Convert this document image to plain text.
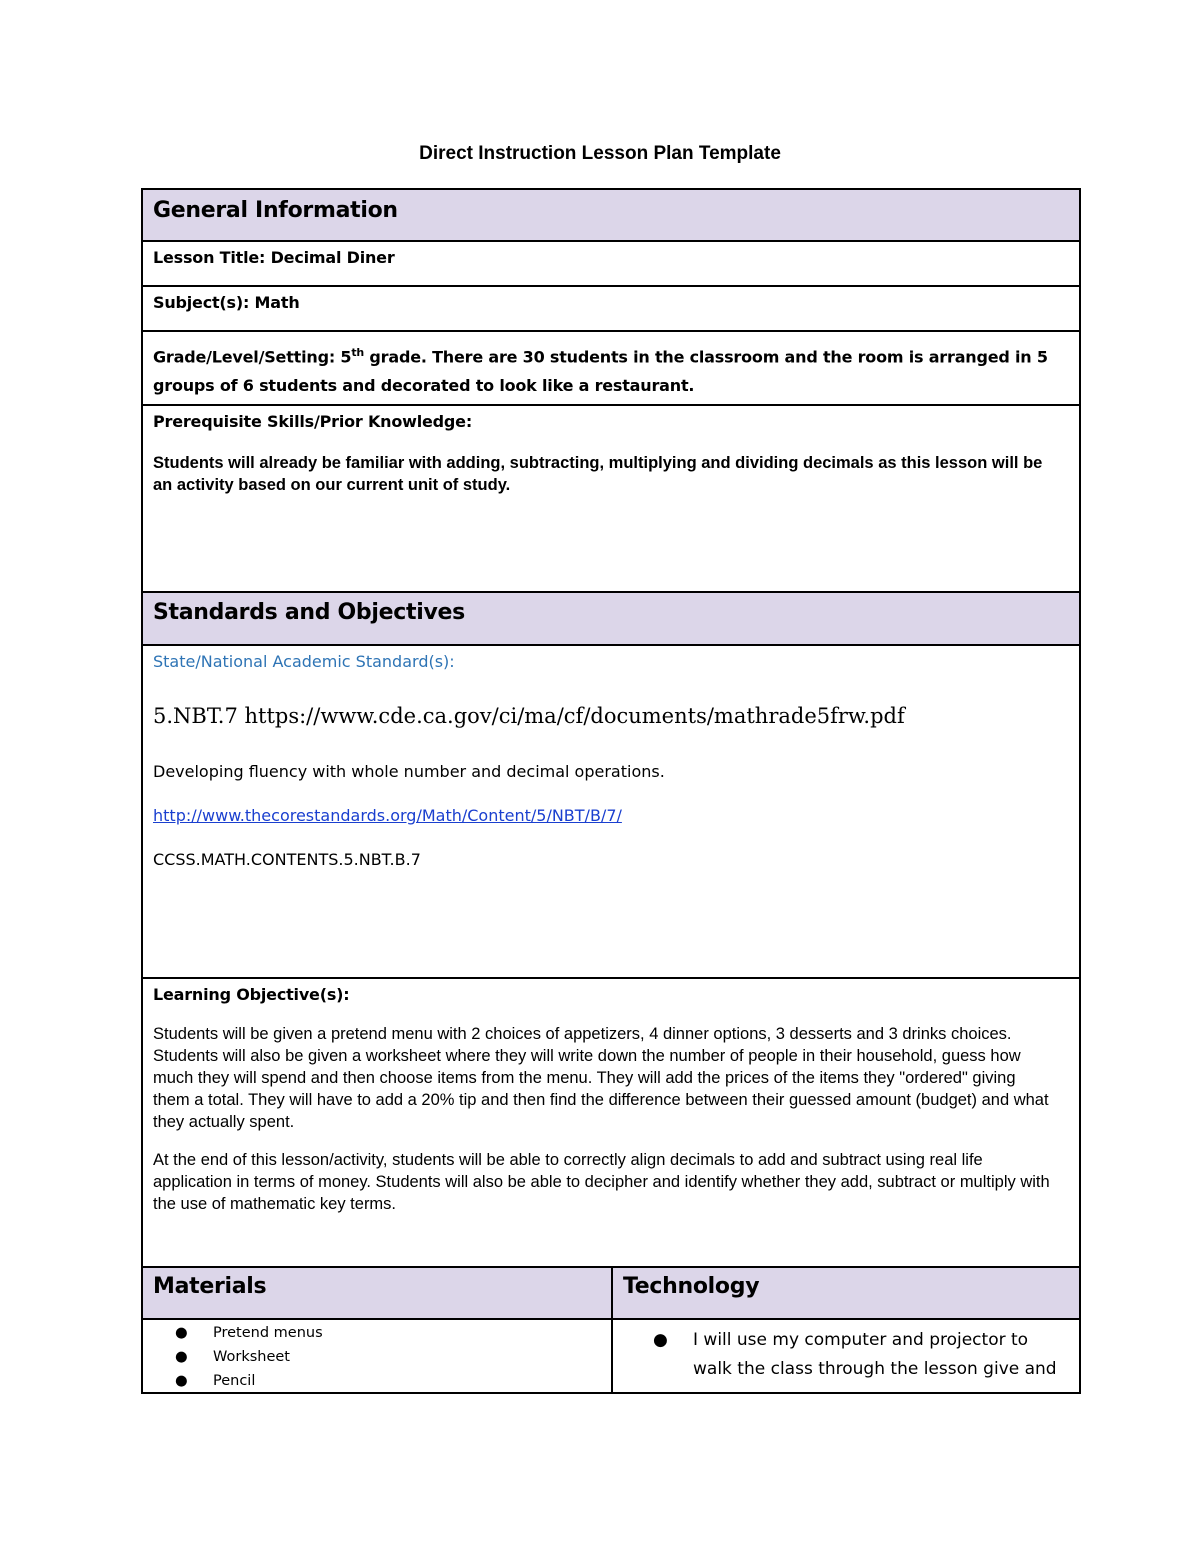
Direct Instruction Lesson Plan Template
General Information
Lesson Title: Decimal Diner
Subject(s): Math
Grade/Level/Setting: 5th grade. There are 30 students in the classroom and the room is arranged in 5
groups of 6 students and decorated to look like a restaurant.
Prerequisite Skills/Prior Knowledge:
Students will already be familiar with adding, subtracting, multiplying and dividing decimals as this lesson will be an activity based on our current unit of study.
Standards and Objectives
State/National Academic Standard(s):
5.NBT.7 https://www.cde.ca.gov/ci/ma/cf/documents/mathrade5frw.pdf
Developing fluency with whole number and decimal operations.
http://www.thecorestandards.org/Math/Content/5/NBT/B/7/
CCSS.MATH.CONTENTS.5.NBT.B.7
Learning Objective(s):
Students will be given a pretend menu with 2 choices of appetizers, 4 dinner options, 3 desserts and 3 drinks choices. Students will also be given a worksheet where they will write down the number of people in their household, guess how much they will spend and then choose items from the menu. They will add the prices of the items they "ordered" giving them a total. They will have to add a 20% tip and then find the difference between their guessed amount (budget) and what they actually spent.
At the end of this lesson/activity, students will be able to correctly align decimals to add and subtract using real life application in terms of money. Students will also be able to decipher and identify whether they add, subtract or multiply with the use of mathematic key terms.
Materials	Technology
● Pretend menus
● Worksheet
● Pencil
● I will use my computer and projector to
walk the class through the lesson give and
